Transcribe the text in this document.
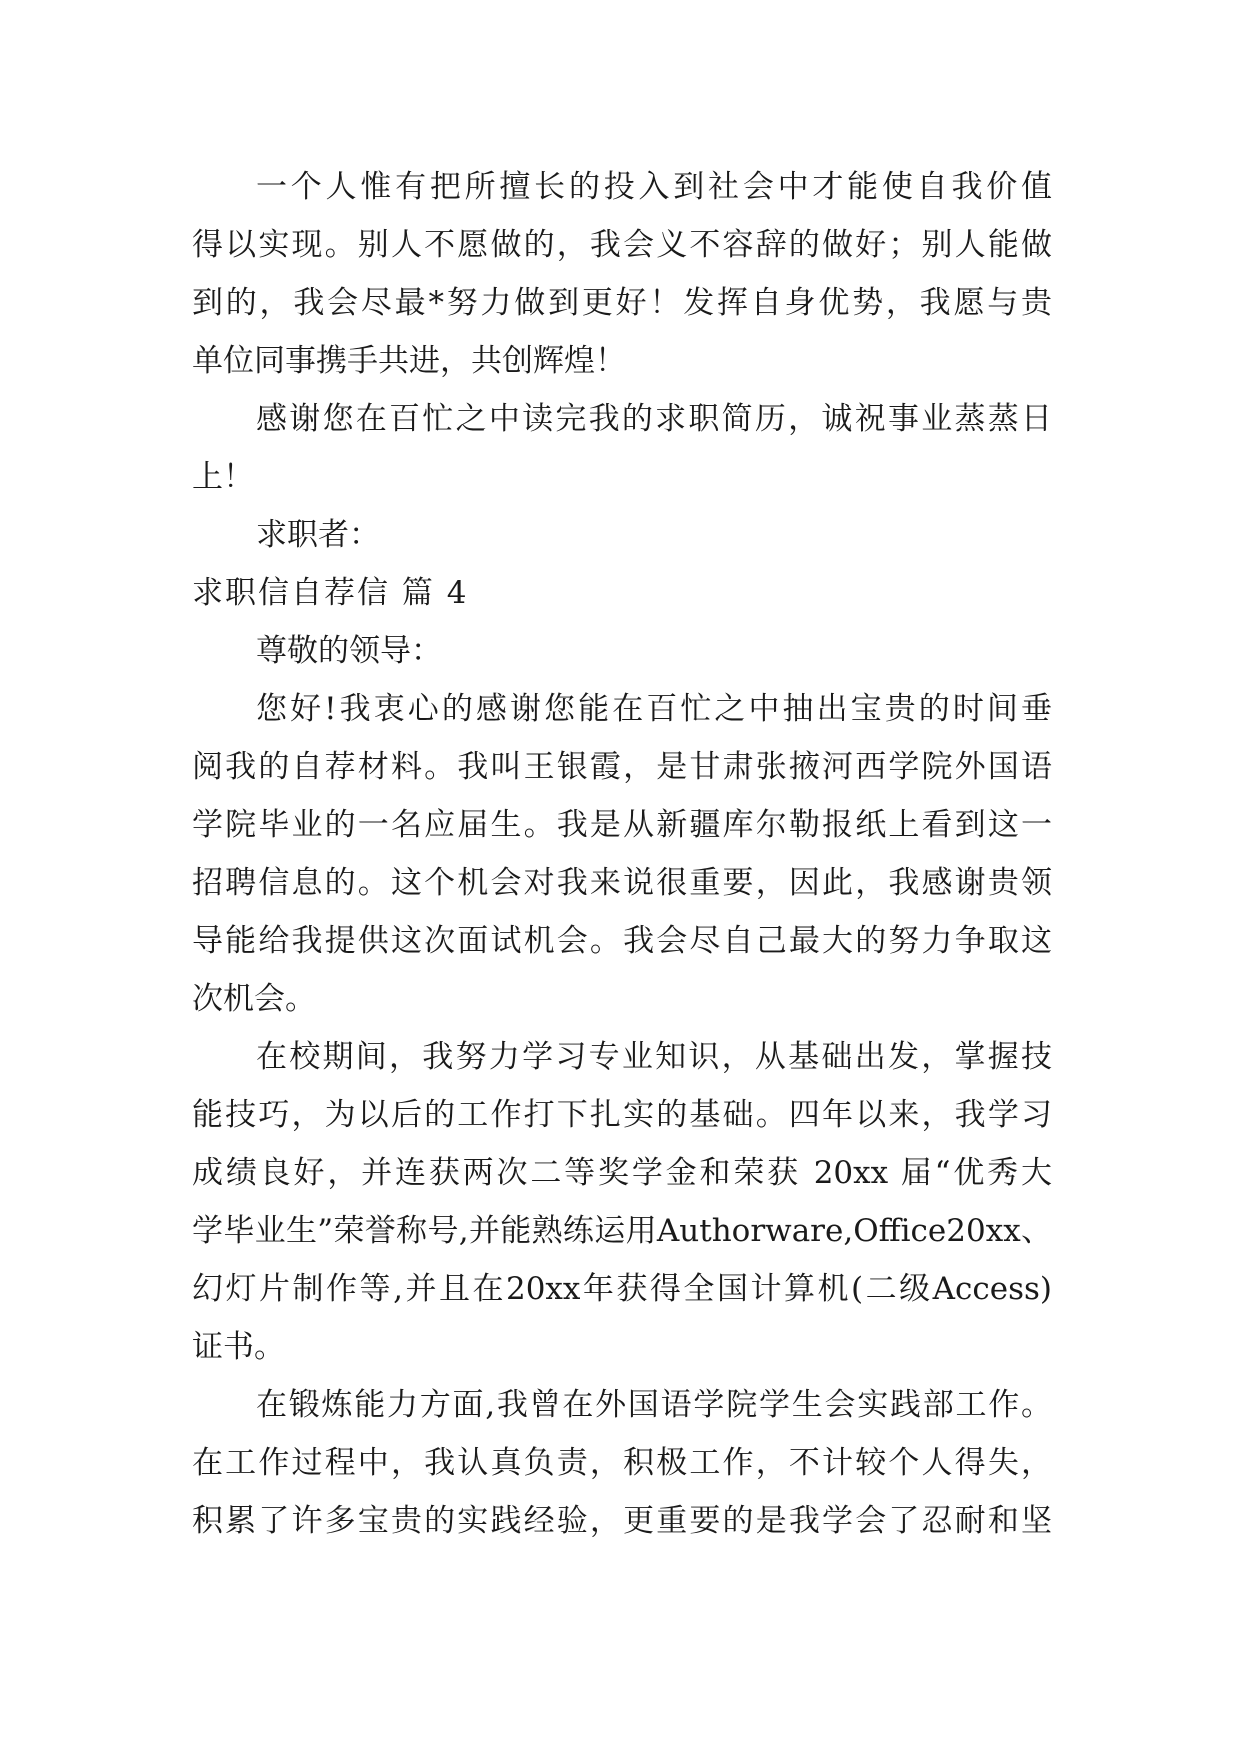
一个人惟有把所擅长的投入到社会中才能使自我价值
得以实现。别人不愿做的，我会义不容辞的做好；别人能做
到的，我会尽最*努力做到更好！发挥自身优势，我愿与贵
单位同事携手共进，共创辉煌！
感谢您在百忙之中读完我的求职简历，诚祝事业蒸蒸日
上！
求职者：
求职信自荐信 篇 4
尊敬的领导：
您好!我衷心的感谢您能在百忙之中抽出宝贵的时间垂
阅我的自荐材料。我叫王银霞，是甘肃张掖河西学院外国语
学院毕业的一名应届生。我是从新疆库尔勒报纸上看到这一
招聘信息的。这个机会对我来说很重要，因此，我感谢贵领
导能给我提供这次面试机会。我会尽自己最大的努力争取这
次机会。
在校期间，我努力学习专业知识，从基础出发，掌握技
能技巧，为以后的工作打下扎实的基础。四年以来，我学习
成绩良好，并连获两次二等奖学金和荣获 20xx 届“优秀大
学毕业生”荣誉称号,并能熟练运用Authorware,Office20xx、
幻灯片制作等,并且在20xx年获得全国计算机(二级Access)
证书。
在锻炼能力方面,我曾在外国语学院学生会实践部工作。
在工作过程中，我认真负责，积极工作，不计较个人得失，
积累了许多宝贵的实践经验，更重要的是我学会了忍耐和坚
